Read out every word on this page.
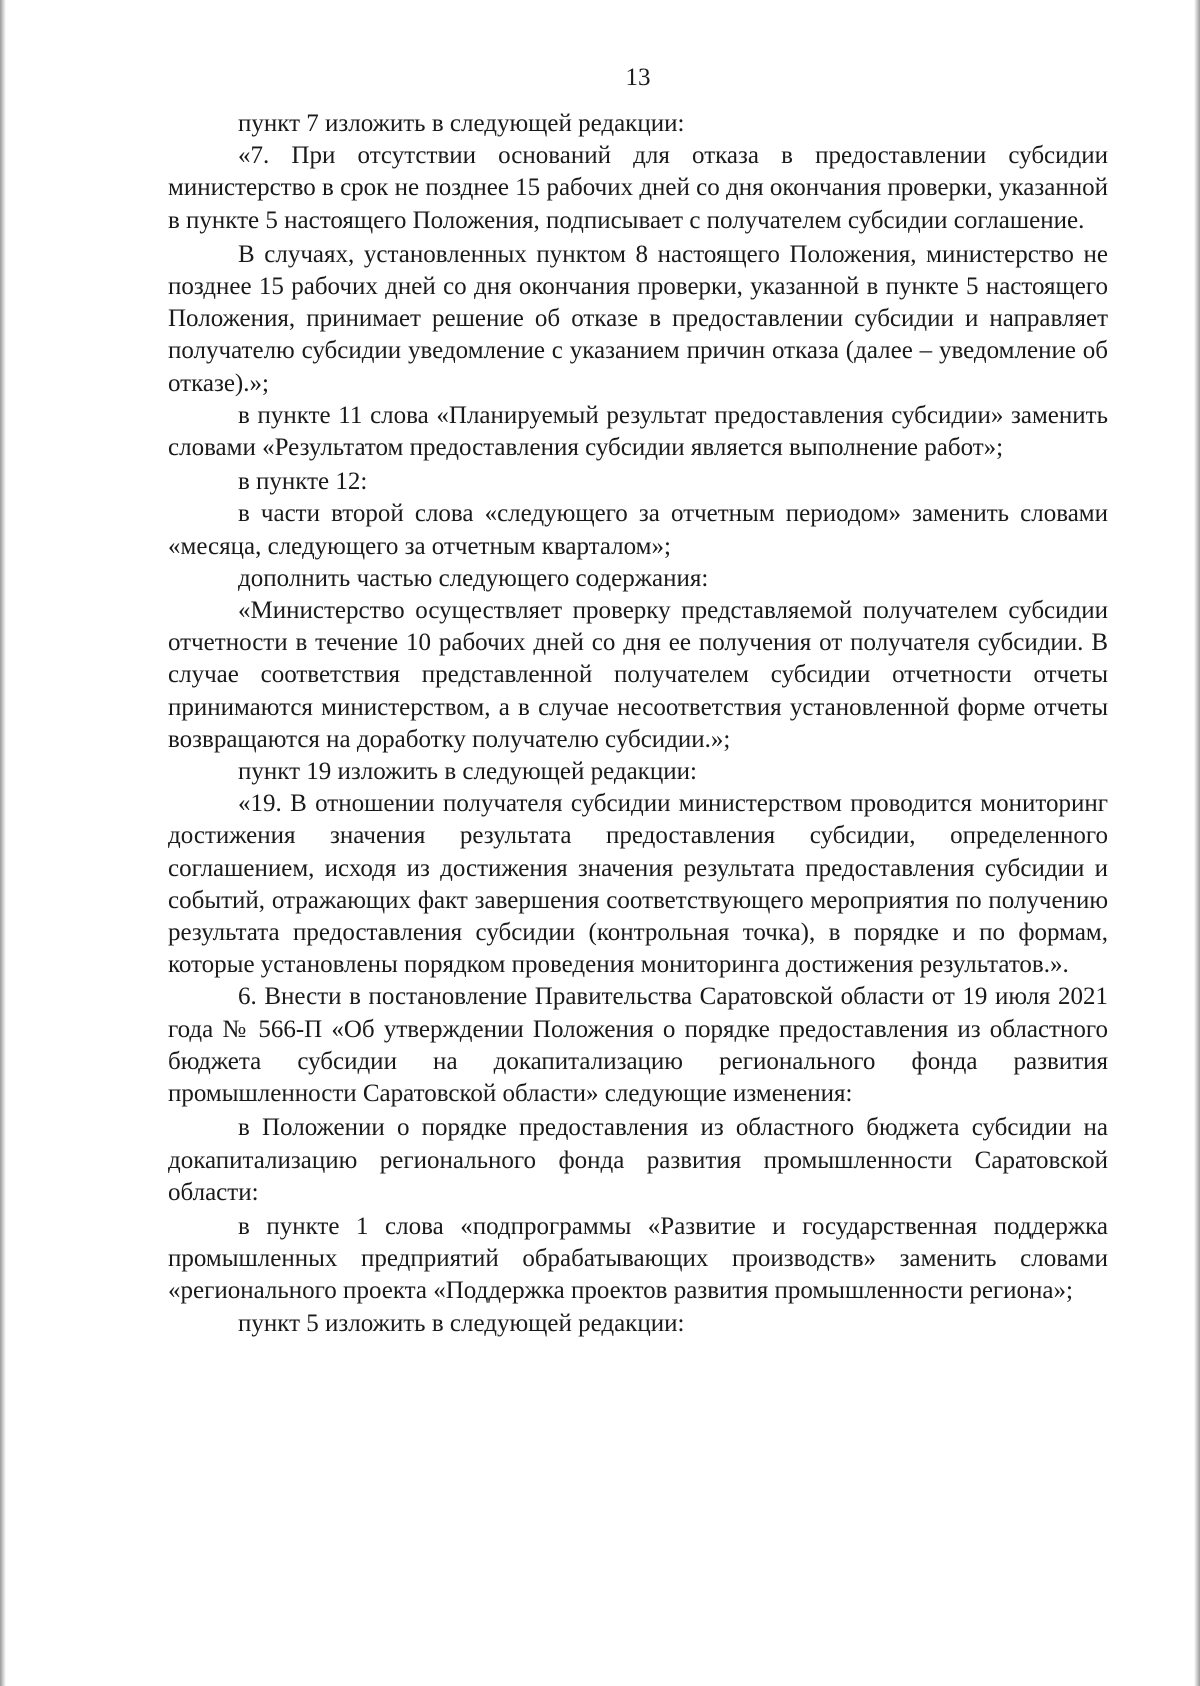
13

пункт 7 изложить в следующей редакции:

«7. При отсутствии оснований для отказа в предоставлении субсидии министерство в срок не позднее 15 рабочих дней со дня окончания проверки, указанной в пункте 5 настоящего Положения, подписывает с получателем субсидии соглашение.

В случаях, установленных пунктом 8 настоящего Положения, министерство не позднее 15 рабочих дней со дня окончания проверки, указанной в пункте 5 настоящего Положения, принимает решение об отказе в предоставлении субсидии и направляет получателю субсидии уведомление с указанием причин отказа (далее – уведомление об отказе).»;

в пункте 11 слова «Планируемый результат предоставления субсидии» заменить словами «Результатом предоставления субсидии является выполнение работ»;

в пункте 12:

в части второй слова «следующего за отчетным периодом» заменить словами «месяца, следующего за отчетным кварталом»;

дополнить частью следующего содержания:

«Министерство осуществляет проверку представляемой получателем субсидии отчетности в течение 10 рабочих дней со дня ее получения от получателя субсидии. В случае соответствия представленной получателем субсидии отчетности отчеты принимаются министерством, а в случае несоответствия установленной форме отчеты возвращаются на доработку получателю субсидии.»;

пункт 19 изложить в следующей редакции:

«19. В отношении получателя субсидии министерством проводится мониторинг достижения значения результата предоставления субсидии, определенного соглашением, исходя из достижения значения результата предоставления субсидии и событий, отражающих факт завершения соответствующего мероприятия по получению результата предоставления субсидии (контрольная точка), в порядке и по формам, которые установлены порядком проведения мониторинга достижения результатов.».

6. Внести в постановление Правительства Саратовской области от 19 июля 2021 года № 566-П «Об утверждении Положения о порядке предоставления из областного бюджета субсидии на докапитализацию регионального фонда развития промышленности Саратовской области» следующие изменения:

в Положении о порядке предоставления из областного бюджета субсидии на докапитализацию регионального фонда развития промышленности Саратовской области:

в пункте 1 слова «подпрограммы «Развитие и государственная поддержка промышленных предприятий обрабатывающих производств» заменить словами «регионального проекта «Поддержка проектов развития промышленности региона»;

пункт 5 изложить в следующей редакции:
